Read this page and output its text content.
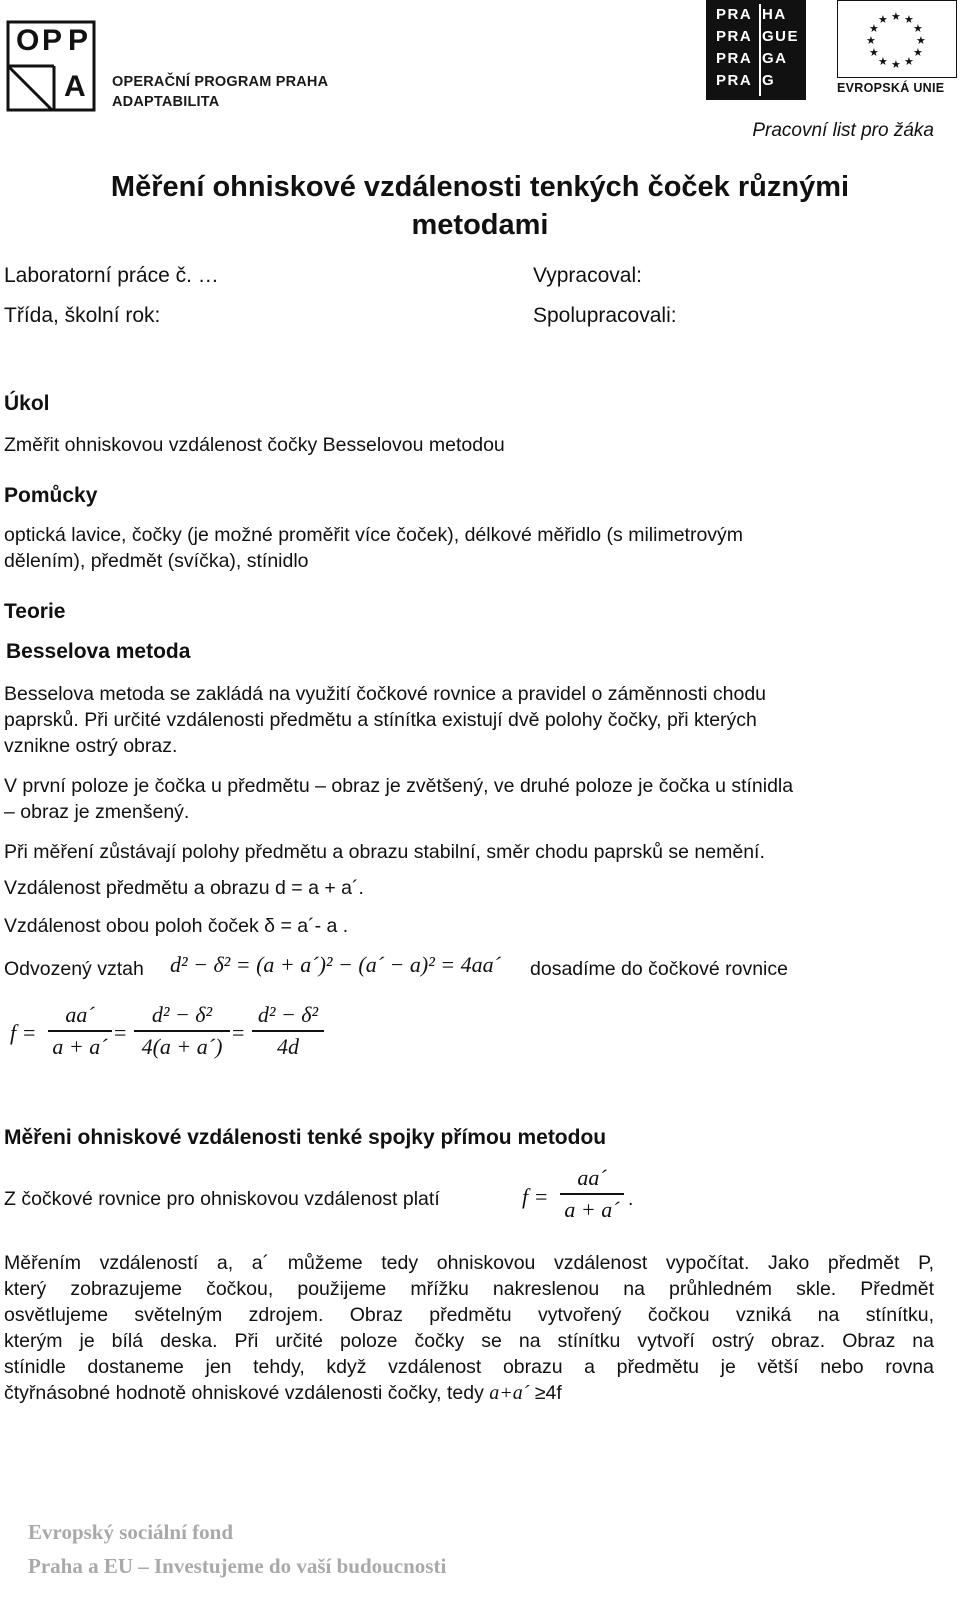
O
P P
A OPERAČNÍ PROGRAM PRAHA
ADAPTABILITA
PRA HA
PRA GUE
PRA GA
PRA G
★ ★
★
★
★
★
★
★
★
★
★
★
EVROPSKÁ UNIE
Pracovní list pro žáka
Měření ohniskové vzdálenosti tenkých čoček různými
metodami
Laboratorní práce č. …
Třída, školní rok:
Vypracoval:
Spolupracovali:
Úkol
Změřit ohniskovou vzdálenost čočky Besselovou metodou
Pomůcky
optická lavice, čočky (je možné proměřit více čoček), délkové měřidlo (s milimetrovým
dělením), předmět (svíčka), stínidlo
Teorie
Besselova metoda
Besselova metoda se zakládá na využití čočkové rovnice a pravidel o záměnnosti chodu
paprsků. Při určité vzdálenosti předmětu a stínítka existují dvě polohy čočky, při kterých
vznikne ostrý obraz.
V první poloze je čočka u předmětu – obraz je zvětšený, ve druhé poloze je čočka u stínidla
– obraz je zmenšený.
Při měření zůstávají polohy předmětu a obrazu stabilní, směr chodu paprsků se nemění.
Vzdálenost předmětu a obrazu d = a + a´.
Vzdálenost obou poloh čoček δ = a´- a .
Odvozený vztah d² − δ² = (a + a´)² − (a´ − a)² = 4aa´ dosadíme do čočkové rovnice
f =
aa´
a + a´
=
d² − δ²
4(a + a´)
=
d² − δ²
4d
Měřeni ohniskové vzdálenosti tenké spojky přímou metodou
Z čočkové rovnice pro ohniskovou vzdálenost platí	f =
aa´
a + a´ .
Měřením vzdáleností a, a´ můžeme tedy ohniskovou vzdálenost vypočítat. Jako předmět P,
který zobrazujeme čočkou, použijeme mřížku nakreslenou na průhledném skle. Předmět
osvětlujeme světelným zdrojem. Obraz předmětu vytvořený čočkou vzniká na stínítku,
kterým je bílá deska. Při určité poloze čočky se na stínítku vytvoří ostrý obraz. Obraz na
stínidle dostaneme jen tehdy, když vzdálenost obrazu a předmětu je větší nebo rovna
čtyřnásobné hodnotě ohniskové vzdálenosti čočky, tedy a+a´ ≥4f
Evropský sociální fond
Praha a EU – Investujeme do vaší budoucnosti
